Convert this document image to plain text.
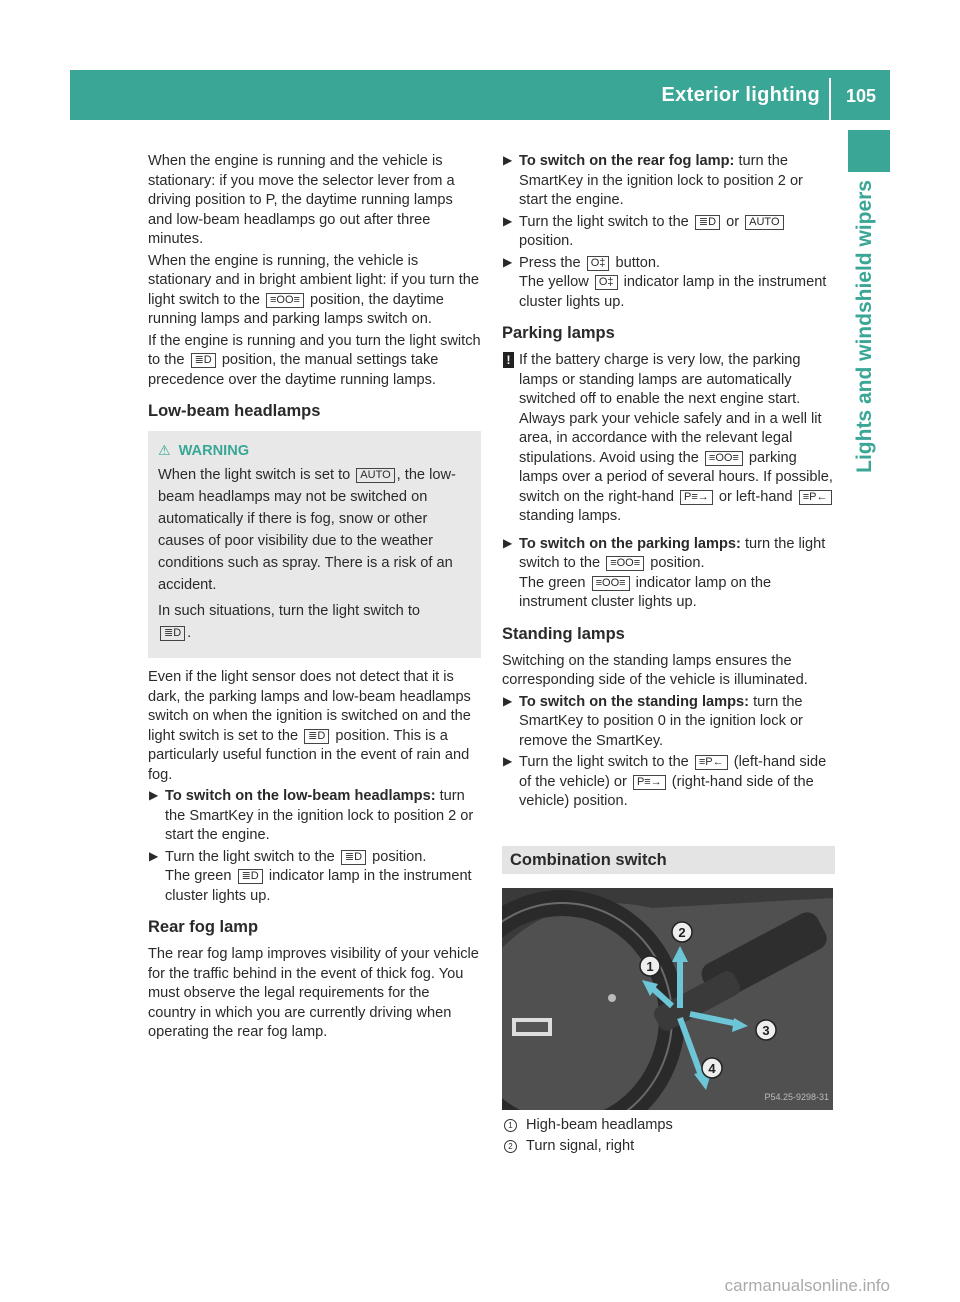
Exterior lighting	105
Lights and windshield wipers

When the engine is running and the vehicle is stationary: if you move the selector lever from a driving position to P, the daytime running lamps and low-beam headlamps go out after three minutes.

When the engine is running, the vehicle is stationary and in bright ambient light: if you turn the light switch to the ≡OO≡ position, the daytime running lamps and parking lamps switch on.

If the engine is running and you turn the light switch to the ≣D position, the manual settings take precedence over the daytime running lamps.

Low-beam headlamps
⚠ WARNING

When the light switch is set to AUTO , the low-beam headlamps may not be switched on automatically if there is fog, snow or other causes of poor visibility due to the weather conditions such as spray. There is a risk of an accident.

In such situations, turn the light switch to
≣D .

Even if the light sensor does not detect that it is dark, the parking lamps and low-beam headlamps switch on when the ignition is switched on and the light switch is set to the ≣D position. This is a particularly useful function in the event of rain and fog.

▶ To switch on the low-beam headlamps: turn the SmartKey in the ignition lock to position 2 or start the engine.
▶ Turn the light switch to the ≣D position.
The green ≣D indicator lamp in the instrument cluster lights up.
Rear fog lamp

The rear fog lamp improves visibility of your vehicle for the traffic behind in the event of thick fog. You must observe the legal requirements for the country in which you are currently driving when operating the rear fog lamp.

▶ To switch on the rear fog lamp: turn the SmartKey in the ignition lock to position 2 or start the engine.
▶ Turn the light switch to the ≣D or AUTO position.
▶ Press the O‡ button.
The yellow O‡ indicator lamp in the instrument cluster lights up.
Parking lamps
! If the battery charge is very low, the parking lamps or standing lamps are automatically switched off to enable the next engine start. Always park your vehicle safely and in a well lit area, in accordance with the relevant legal stipulations. Avoid using the ≡OO≡ parking lamps over a period of several hours. If possible, switch on the right-hand P≡→ or left-hand ≡P← standing lamps.
▶ To switch on the parking lamps: turn the light switch to the ≡OO≡ position.
The green ≡OO≡ indicator lamp on the instrument cluster lights up.
Standing lamps

Switching on the standing lamps ensures the corresponding side of the vehicle is illuminated.

▶ To switch on the standing lamps: turn the SmartKey to position 0 in the ignition lock or remove the SmartKey.
▶ Turn the light switch to the ≡P← (left-hand side of the vehicle) or P≡→ (right-hand side of the vehicle) position.
Combination switch
2
1
3
4
P54.25-9298-31
1 High-beam headlamps
2 Turn signal, right
carmanualsonline.info
